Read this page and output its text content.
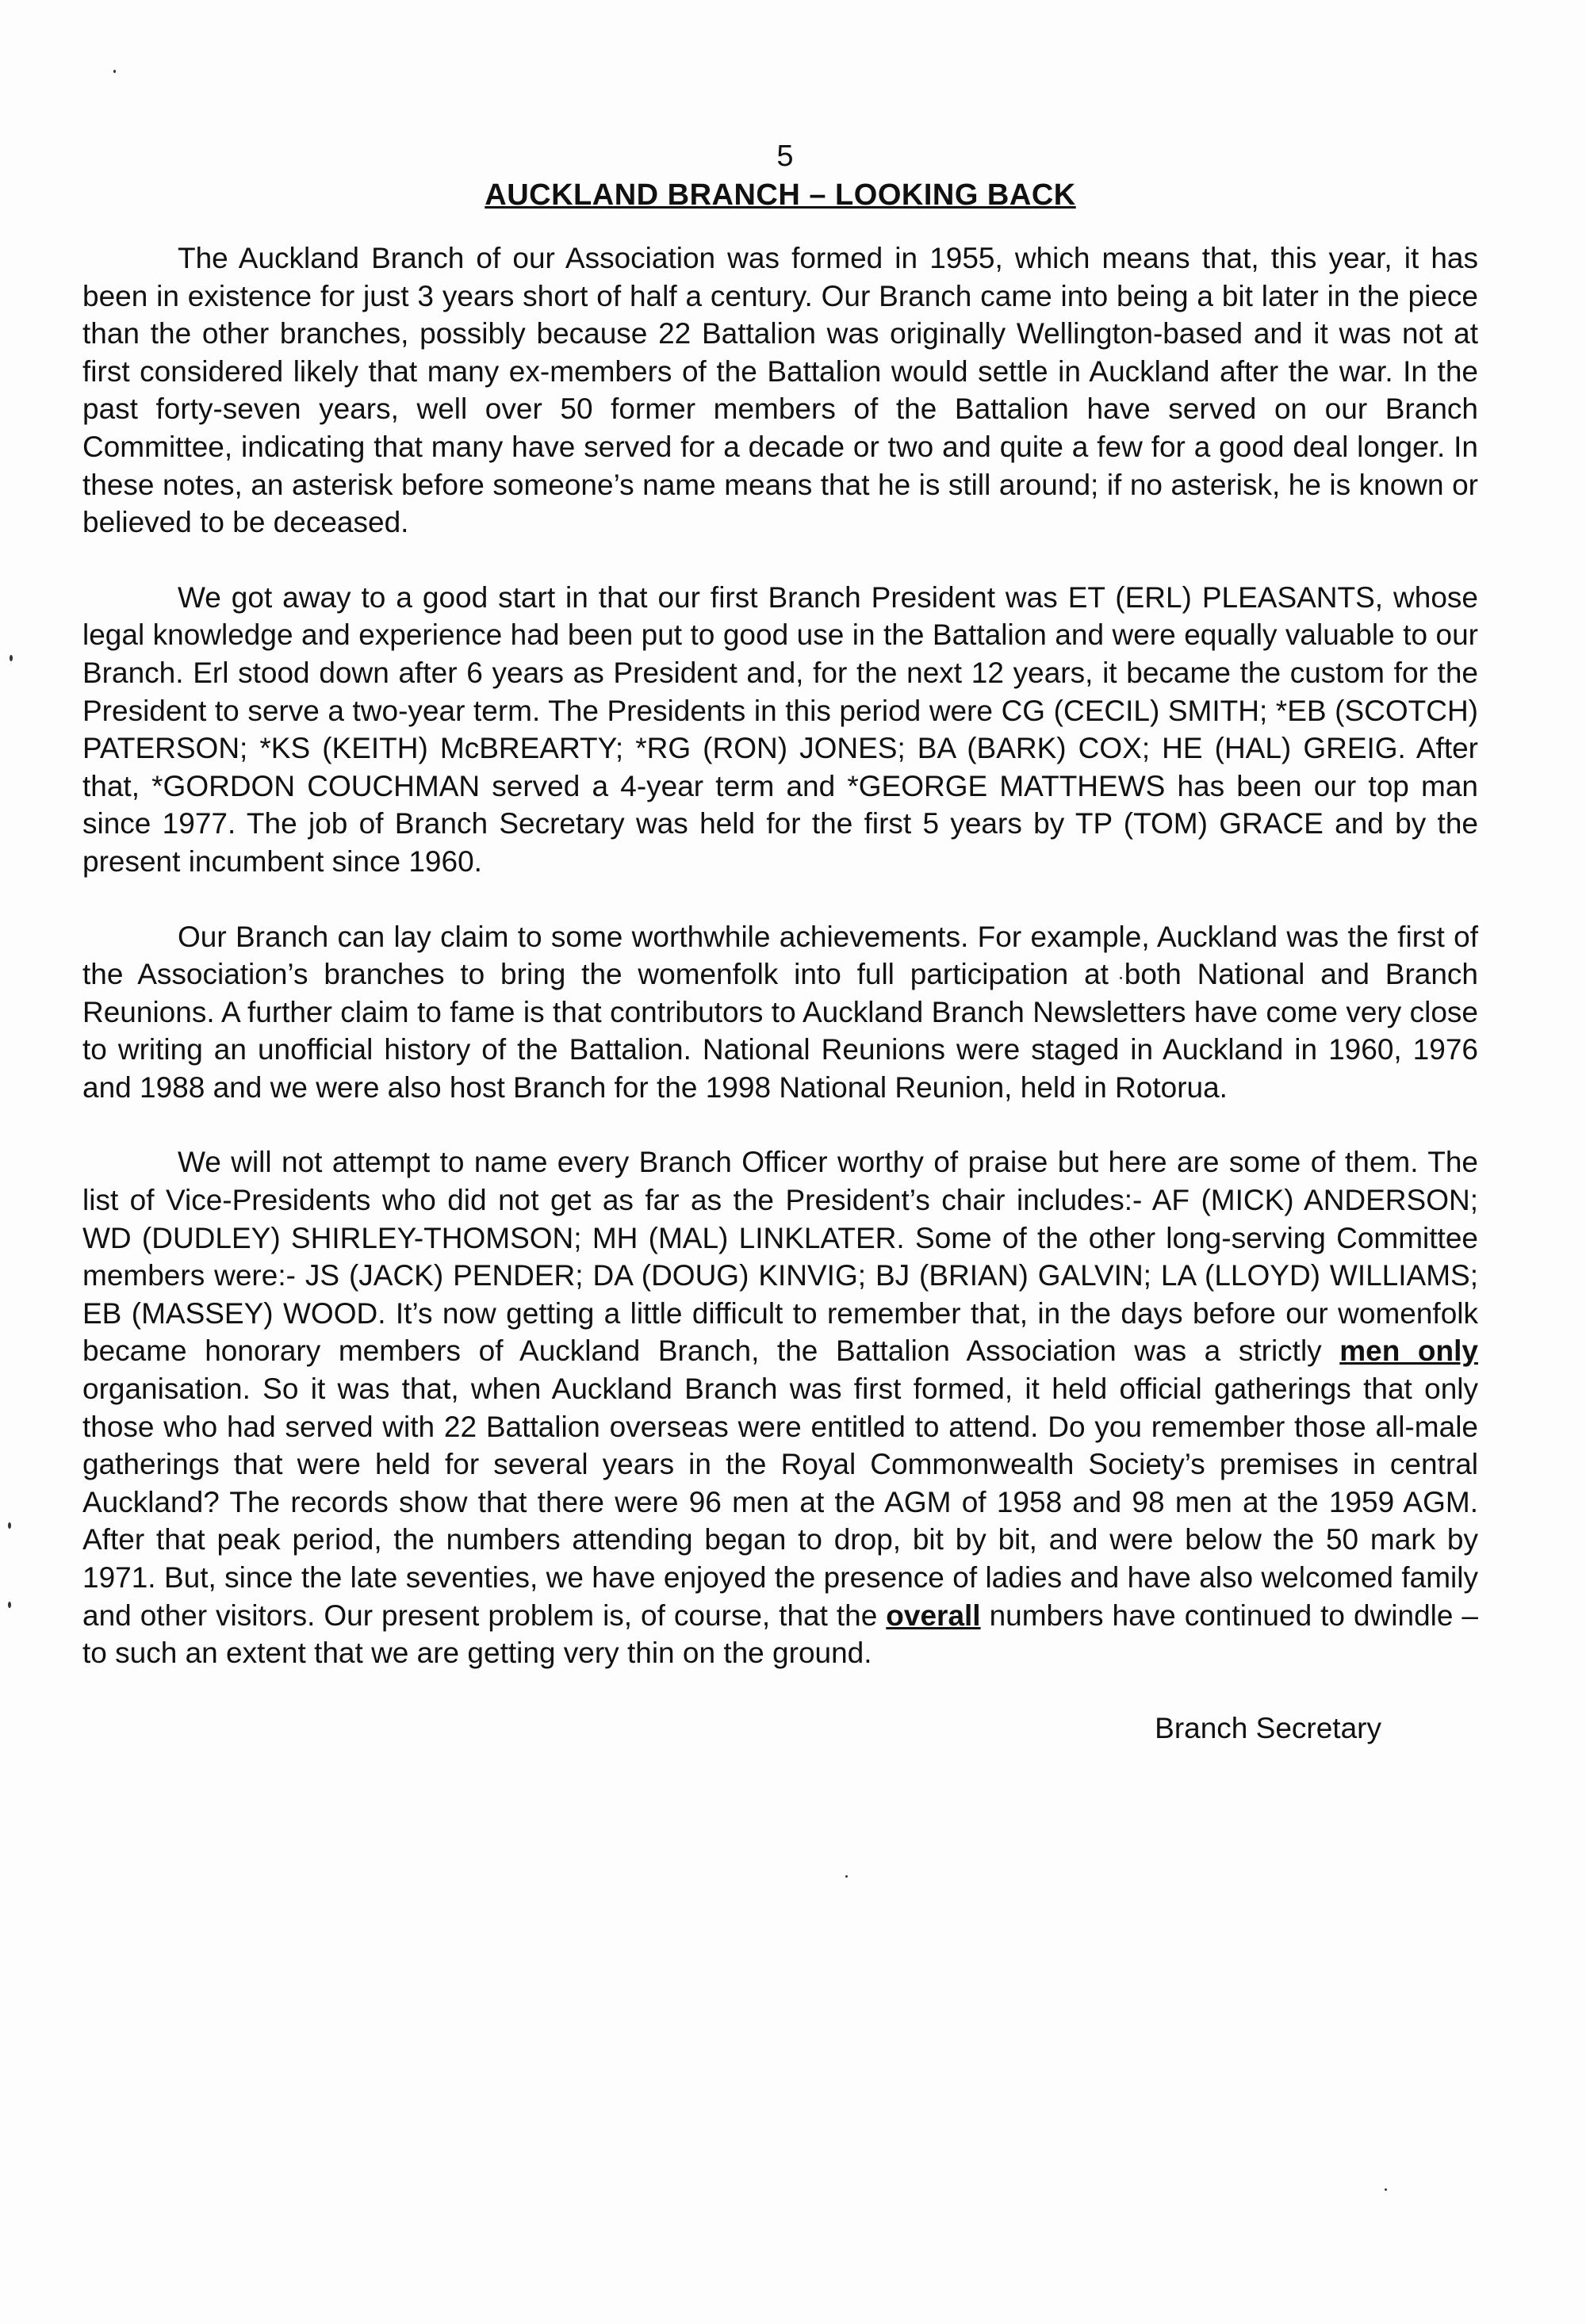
5

AUCKLAND BRANCH – LOOKING BACK

The Auckland Branch of our Association was formed in 1955, which means that, this year, it has been in existence for just 3 years short of half a century. Our Branch came into being a bit later in the piece than the other branches, possibly because 22 Battalion was originally Wellington-based and it was not at first considered likely that many ex-members of the Battalion would settle in Auckland after the war. In the past forty-seven years, well over 50 former members of the Battalion have served on our Branch Committee, indicating that many have served for a decade or two and quite a few for a good deal longer. In these notes, an asterisk before someone’s name means that he is still around; if no asterisk, he is known or believed to be deceased.

We got away to a good start in that our first Branch President was ET (ERL) PLEASANTS, whose legal knowledge and experience had been put to good use in the Battalion and were equally valuable to our Branch. Erl stood down after 6 years as President and, for the next 12 years, it became the custom for the President to serve a two-year term. The Presidents in this period were CG (CECIL) SMITH; *EB (SCOTCH) PATERSON; *KS (KEITH) McBREARTY; *RG (RON) JONES; BA (BARK) COX; HE (HAL) GREIG. After that, *GORDON COUCHMAN served a 4-year term and *GEORGE MATTHEWS has been our top man since 1977. The job of Branch Secretary was held for the first 5 years by TP (TOM) GRACE and by the present incumbent since 1960.

Our Branch can lay claim to some worthwhile achievements. For example, Auckland was the first of the Association’s branches to bring the womenfolk into full participation at both National and Branch Reunions. A further claim to fame is that contributors to Auckland Branch Newsletters have come very close to writing an unofficial history of the Battalion. National Reunions were staged in Auckland in 1960, 1976 and 1988 and we were also host Branch for the 1998 National Reunion, held in Rotorua.

We will not attempt to name every Branch Officer worthy of praise but here are some of them. The list of Vice-Presidents who did not get as far as the President’s chair includes:- AF (MICK) ANDERSON; WD (DUDLEY) SHIRLEY-THOMSON; MH (MAL) LINKLATER. Some of the other long-serving Committee members were:- JS (JACK) PENDER; DA (DOUG) KINVIG; BJ (BRIAN) GALVIN; LA (LLOYD) WILLIAMS; EB (MASSEY) WOOD. It’s now getting a little difficult to remember that, in the days before our womenfolk became honorary members of Auckland Branch, the Battalion Association was a strictly men only organisation. So it was that, when Auckland Branch was first formed, it held official gatherings that only those who had served with 22 Battalion overseas were entitled to attend. Do you remember those all-male gatherings that were held for several years in the Royal Commonwealth Society’s premises in central Auckland? The records show that there were 96 men at the AGM of 1958 and 98 men at the 1959 AGM. After that peak period, the numbers attending began to drop, bit by bit, and were below the 50 mark by 1971. But, since the late seventies, we have enjoyed the presence of ladies and have also welcomed family and other visitors. Our present problem is, of course, that the overall numbers have continued to dwindle – to such an extent that we are getting very thin on the ground.

Branch Secretary
